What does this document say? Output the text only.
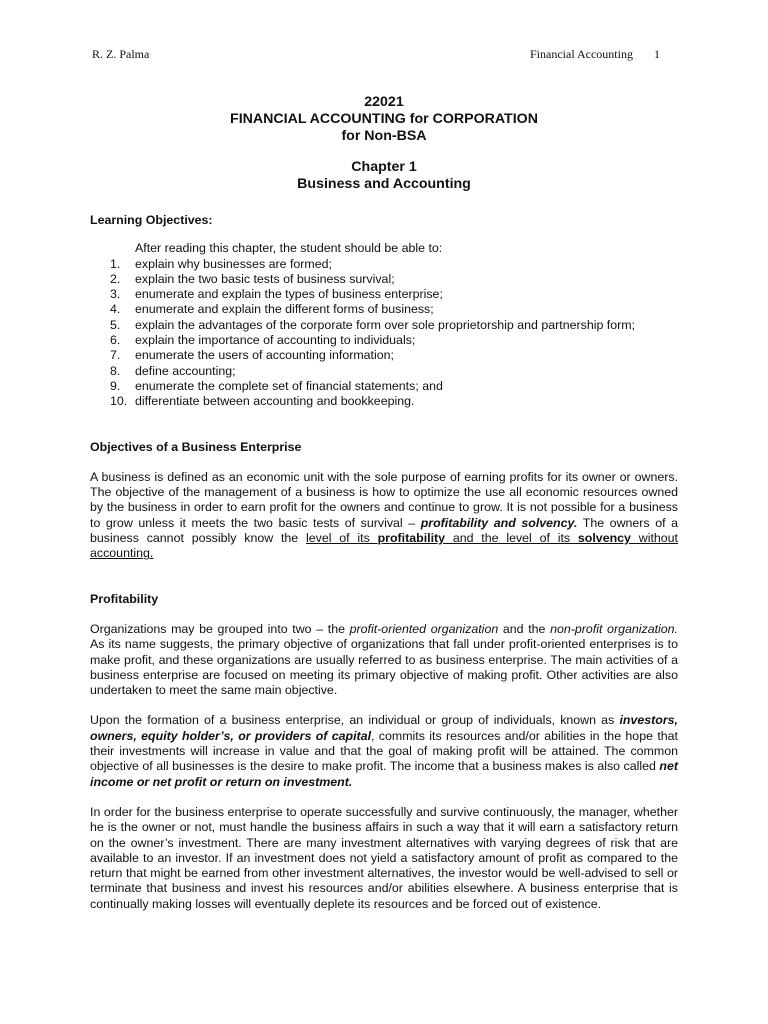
R. Z. Palma	Financial Accounting 1
22021
FINANCIAL ACCOUNTING for CORPORATION
for Non-BSA
Chapter 1
Business and Accounting
Learning Objectives:
After reading this chapter, the student should be able to:
1. explain why businesses are formed;
2. explain the two basic tests of business survival;
3. enumerate and explain the types of business enterprise;
4. enumerate and explain the different forms of business;
5. explain the advantages of the corporate form over sole proprietorship and partnership form;
6. explain the importance of accounting to individuals;
7. enumerate the users of accounting information;
8. define accounting;
9. enumerate the complete set of financial statements; and
10. differentiate between accounting and bookkeeping.
Objectives of a Business Enterprise

A business is defined as an economic unit with the sole purpose of earning profits for its owner or owners. The objective of the management of a business is how to optimize the use all economic resources owned by the business in order to earn profit for the owners and continue to grow. It is not possible for a business to grow unless it meets the two basic tests of survival – profitability and solvency. The owners of a business cannot possibly know the level of its profitability and the level of its solvency without accounting.

Profitability

Organizations may be grouped into two – the profit-oriented organization and the non-profit organization. As its name suggests, the primary objective of organizations that fall under profit-oriented enterprises is to make profit, and these organizations are usually referred to as business enterprise. The main activities of a business enterprise are focused on meeting its primary objective of making profit. Other activities are also undertaken to meet the same main objective.

Upon the formation of a business enterprise, an individual or group of individuals, known as investors, owners, equity holder’s, or providers of capital, commits its resources and/or abilities in the hope that their investments will increase in value and that the goal of making profit will be attained. The common objective of all businesses is the desire to make profit. The income that a business makes is also called net income or net profit or return on investment.

In order for the business enterprise to operate successfully and survive continuously, the manager, whether he is the owner or not, must handle the business affairs in such a way that it will earn a satisfactory return on the owner’s investment. There are many investment alternatives with varying degrees of risk that are available to an investor. If an investment does not yield a satisfactory amount of profit as compared to the return that might be earned from other investment alternatives, the investor would be well-advised to sell or terminate that business and invest his resources and/or abilities elsewhere. A business enterprise that is continually making losses will eventually deplete its resources and be forced out of existence.
